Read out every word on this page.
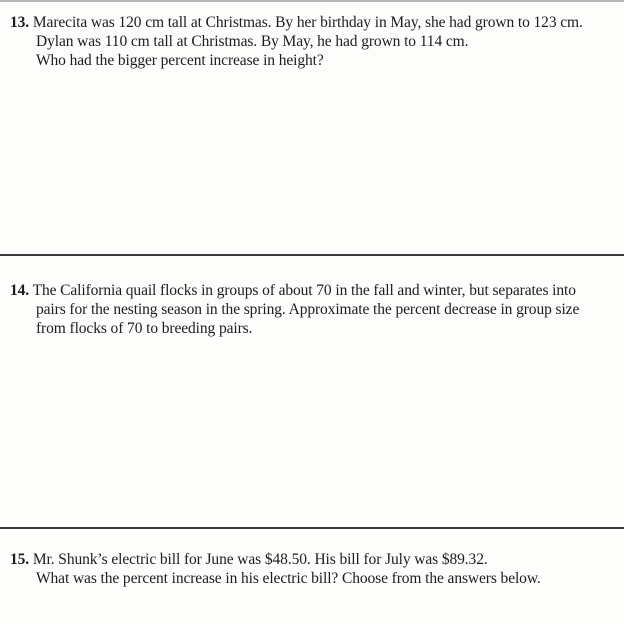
13. Marecita was 120 cm tall at Christmas. By her birthday in May, she had grown to 123 cm.
Dylan was 110 cm tall at Christmas. By May, he had grown to 114 cm.
Who had the bigger percent increase in height?
14. The California quail flocks in groups of about 70 in the fall and winter, but separates into
pairs for the nesting season in the spring. Approximate the percent decrease in group size
from flocks of 70 to breeding pairs.
15. Mr. Shunk’s electric bill for June was $48.50. His bill for July was $89.32.
What was the percent increase in his electric bill? Choose from the answers below.
